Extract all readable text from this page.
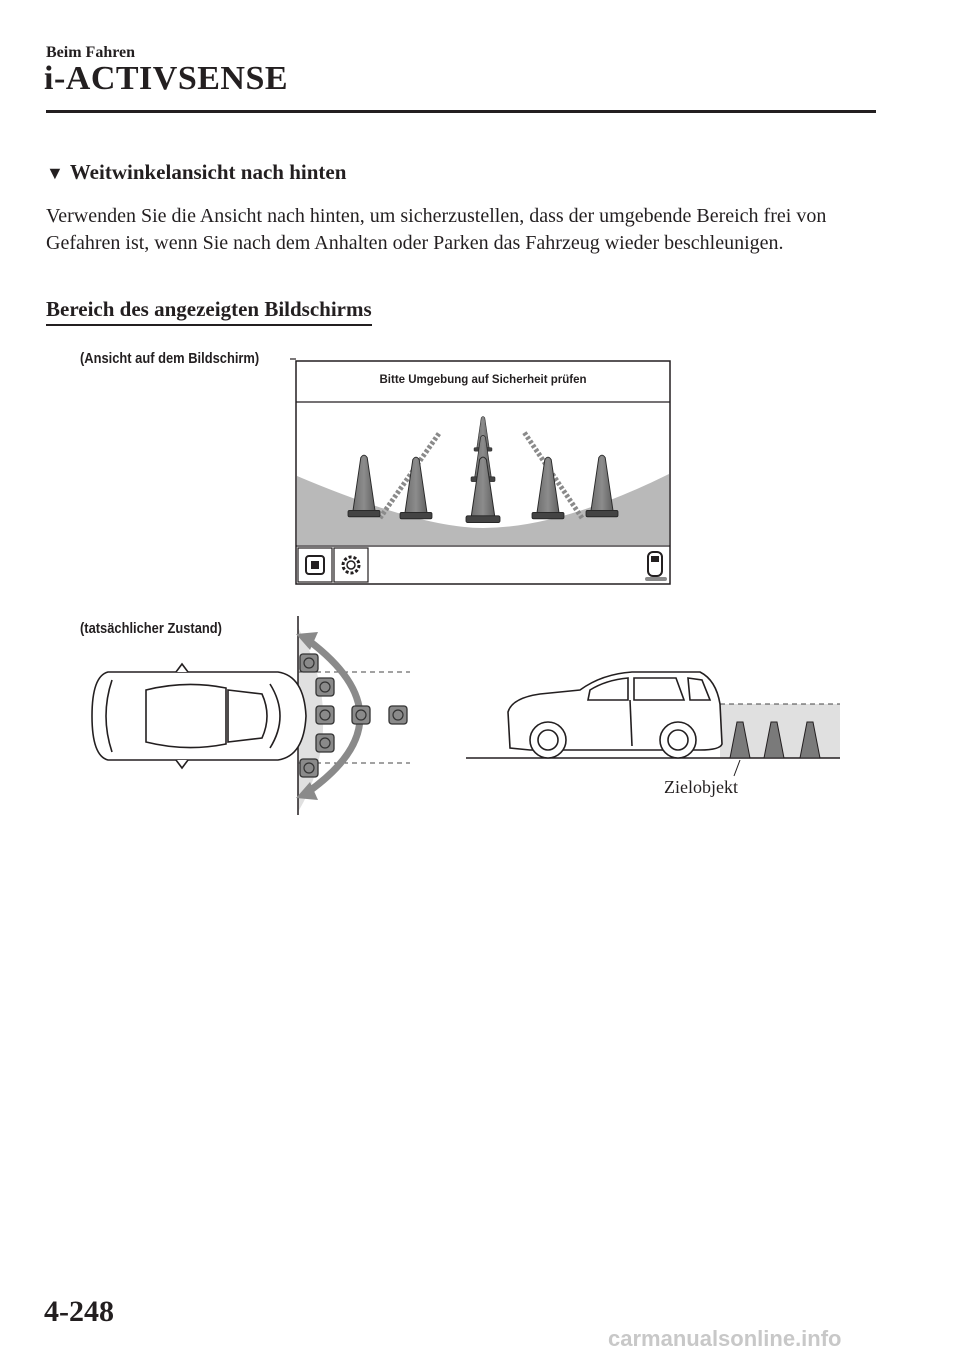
Beim Fahren
i-ACTIVSENSE
▼ Weitwinkelansicht nach hinten
Verwenden Sie die Ansicht nach hinten, um sicherzustellen, dass der umgebende Bereich frei von Gefahren ist, wenn Sie nach dem Anhalten oder Parken das Fahrzeug wieder beschleunigen.
Bereich des angezeigten Bildschirms
(Ansicht auf dem Bildschirm)
(tatsächlicher Zustand)
Bitte Umgebung auf Sicherheit prüfen
Zielobjekt
4-248
carmanualsonline.info
